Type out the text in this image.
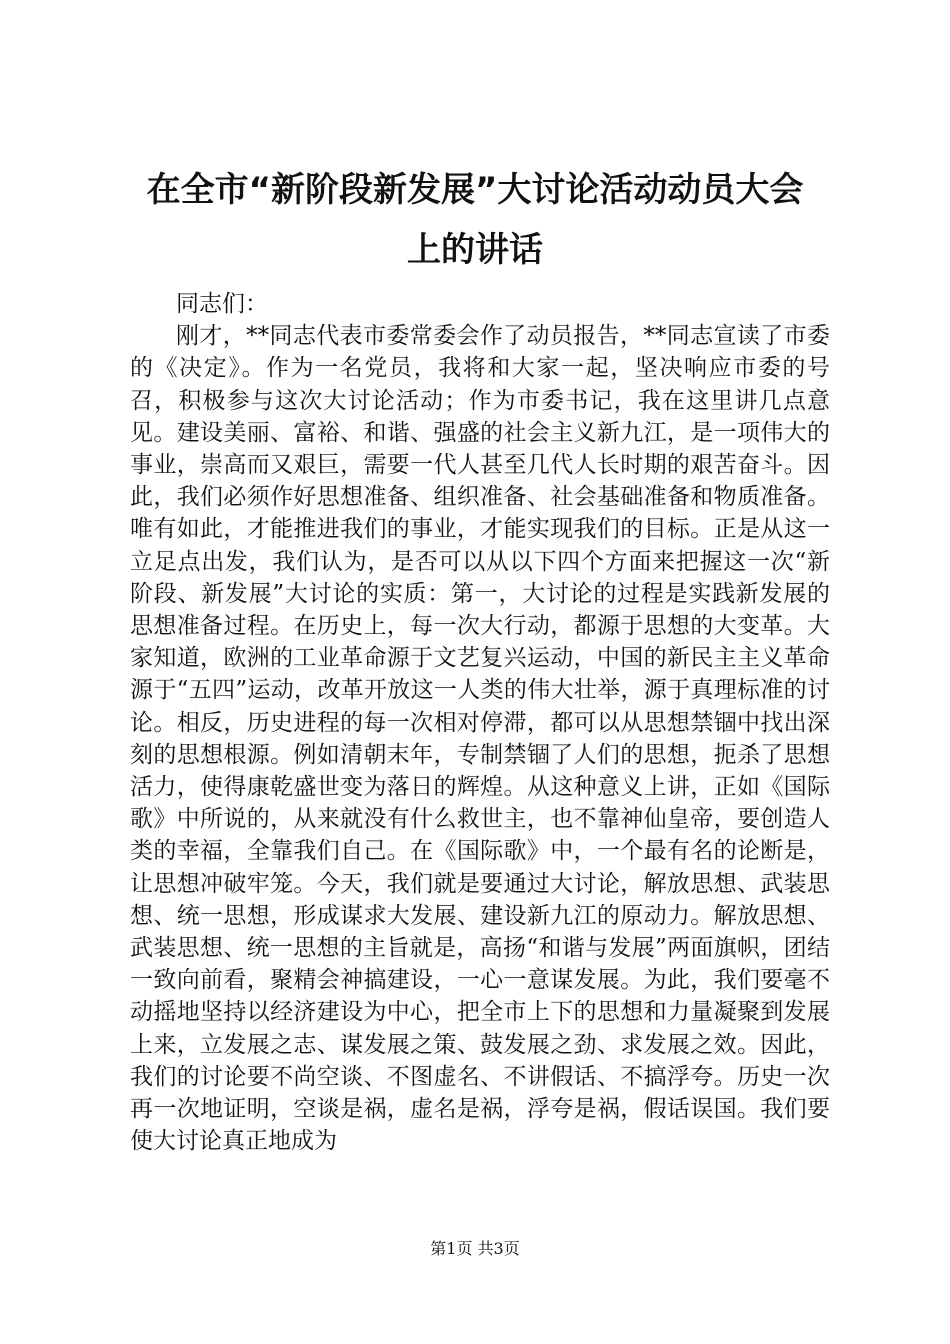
在全市“新阶段新发展”大讨论活动动员大会
上的讲话

同志们：

刚才，**同志代表市委常委会作了动员报告，**同志宣读了市委的《决定》。作为一名党员，我将和大家一起，坚决响应市委的号召，积极参与这次大讨论活动；作为市委书记，我在这里讲几点意见。建设美丽、富裕、和谐、强盛的社会主义新九江，是一项伟大的事业，崇高而又艰巨，需要一代人甚至几代人长时期的艰苦奋斗。因此，我们必须作好思想准备、组织准备、社会基础准备和物质准备。唯有如此，才能推进我们的事业，才能实现我们的目标。正是从这一立足点出发，我们认为，是否可以从以下四个方面来把握这一次“新阶段、新发展”大讨论的实质：第一，大讨论的过程是实践新发展的思想准备过程。在历史上，每一次大行动，都源于思想的大变革。大家知道，欧洲的工业革命源于文艺复兴运动，中国的新民主主义革命源于“五四”运动，改革开放这一人类的伟大壮举，源于真理标准的讨论。相反，历史进程的每一次相对停滞，都可以从思想禁锢中找出深刻的思想根源。例如清朝末年，专制禁锢了人们的思想，扼杀了思想活力，使得康乾盛世变为落日的辉煌。从这种意义上讲，正如《国际歌》中所说的，从来就没有什么救世主，也不靠神仙皇帝，要创造人类的幸福，全靠我们自己。在《国际歌》中，一个最有名的论断是，让思想冲破牢笼。今天，我们就是要通过大讨论，解放思想、武装思想、统一思想，形成谋求大发展、建设新九江的原动力。解放思想、武装思想、统一思想的主旨就是，高扬“和谐与发展”两面旗帜，团结一致向前看，聚精会神搞建设，一心一意谋发展。为此，我们要毫不动摇地坚持以经济建设为中心，把全市上下的思想和力量凝聚到发展上来，立发展之志、谋发展之策、鼓发展之劲、求发展之效。因此，我们的讨论要不尚空谈、不图虚名、不讲假话、不搞浮夸。历史一次再一次地证明，空谈是祸，虚名是祸，浮夸是祸，假话误国。我们要使大讨论真正地成为

第1页 共3页
